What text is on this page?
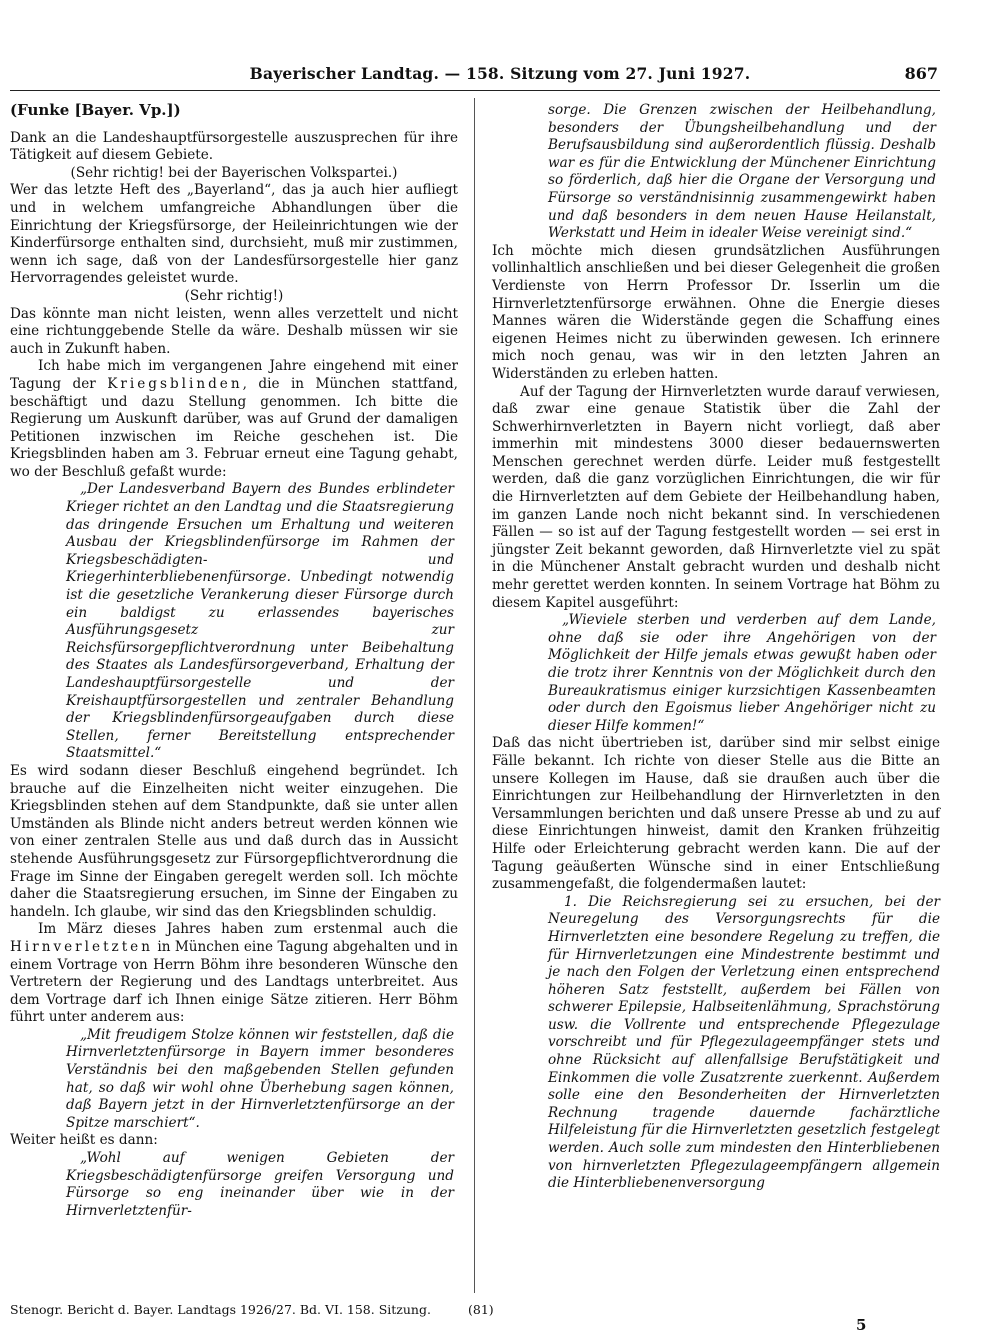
Bayerischer Landtag. — 158. Sitzung vom 27. Juni 1927.	867

(Funke [Bayer. Vp.])

Dank an die Landeshauptfürsorgestelle auszusprechen für ihre Tätigkeit auf diesem Gebiete.

(Sehr richtig! bei der Bayerischen Volkspartei.)

Wer das letzte Heft des „Bayerland“, das ja auch hier aufliegt und in welchem umfangreiche Abhandlungen über die Einrichtung der Kriegsfürsorge, der Heileinrichtungen wie der Kinderfürsorge enthalten sind, durchsieht, muß mir zustimmen, wenn ich sage, daß von der Landesfürsorgestelle hier ganz Hervorragendes geleistet wurde.

(Sehr richtig!)

Das könnte man nicht leisten, wenn alles verzettelt und nicht eine richtunggebende Stelle da wäre. Deshalb müssen wir sie auch in Zukunft haben.

Ich habe mich im vergangenen Jahre eingehend mit einer Tagung der Kriegsblinden, die in München stattfand, beschäftigt und dazu Stellung genommen. Ich bitte die Regierung um Auskunft darüber, was auf Grund der damaligen Petitionen inzwischen im Reiche geschehen ist. Die Kriegsblinden haben am 3. Februar erneut eine Tagung gehabt, wo der Beschluß gefaßt wurde:

„Der Landesverband Bayern des Bundes erblindeter Krieger richtet an den Landtag und die Staatsregierung das dringende Ersuchen um Erhaltung und weiteren Ausbau der Kriegsblindenfürsorge im Rahmen der Kriegsbeschädigten- und Kriegerhinterbliebenenfürsorge. Unbedingt notwendig ist die gesetzliche Verankerung dieser Fürsorge durch ein baldigst zu erlassendes bayerisches Ausführungsgesetz zur Reichsfürsorgepflichtverordnung unter Beibehaltung des Staates als Landesfürsorgeverband, Erhaltung der Landeshauptfürsorgestelle und der Kreishauptfürsorgestellen und zentraler Behandlung der Kriegsblindenfürsorgeaufgaben durch diese Stellen, ferner Bereitstellung entsprechender Staatsmittel.“

Es wird sodann dieser Beschluß eingehend begründet. Ich brauche auf die Einzelheiten nicht weiter einzugehen. Die Kriegsblinden stehen auf dem Standpunkte, daß sie unter allen Umständen als Blinde nicht anders betreut werden können wie von einer zentralen Stelle aus und daß durch das in Aussicht stehende Ausführungsgesetz zur Fürsorgepflichtverordnung die Frage im Sinne der Eingaben geregelt werden soll. Ich möchte daher die Staatsregierung ersuchen, im Sinne der Eingaben zu handeln. Ich glaube, wir sind das den Kriegsblinden schuldig.

Im März dieses Jahres haben zum erstenmal auch die Hirnverletzten in München eine Tagung abgehalten und in einem Vortrage von Herrn Böhm ihre besonderen Wünsche den Vertretern der Regierung und des Landtags unterbreitet. Aus dem Vortrage darf ich Ihnen einige Sätze zitieren. Herr Böhm führt unter anderem aus:

„Mit freudigem Stolze können wir feststellen, daß die Hirnverletztenfürsorge in Bayern immer besonderes Verständnis bei den maßgebenden Stellen gefunden hat, so daß wir wohl ohne Überhebung sagen können, daß Bayern jetzt in der Hirnverletztenfürsorge an der Spitze marschiert“.

Weiter heißt es dann:

„Wohl auf wenigen Gebieten der Kriegsbeschädigtenfürsorge greifen Versorgung und Fürsorge so eng ineinander über wie in der Hirnverletztenfür-

sorge. Die Grenzen zwischen der Heilbehandlung, besonders der Übungsheilbehandlung und der Berufsausbildung sind außerordentlich flüssig. Deshalb war es für die Entwicklung der Münchener Einrichtung so förderlich, daß hier die Organe der Versorgung und Fürsorge so verständnisinnig zusammengewirkt haben und daß besonders in dem neuen Hause Heilanstalt, Werkstatt und Heim in idealer Weise vereinigt sind.“

Ich möchte mich diesen grundsätzlichen Ausführungen vollinhaltlich anschließen und bei dieser Gelegenheit die großen Verdienste von Herrn Professor Dr. Isserlin um die Hirnverletztenfürsorge erwähnen. Ohne die Energie dieses Mannes wären die Widerstände gegen die Schaffung eines eigenen Heimes nicht zu überwinden gewesen. Ich erinnere mich noch genau, was wir in den letzten Jahren an Widerständen zu erleben hatten.

Auf der Tagung der Hirnverletzten wurde darauf verwiesen, daß zwar eine genaue Statistik über die Zahl der Schwerhirnverletzten in Bayern nicht vorliegt, daß aber immerhin mit mindestens 3000 dieser bedauernswerten Menschen gerechnet werden dürfe. Leider muß festgestellt werden, daß die ganz vorzüglichen Einrichtungen, die wir für die Hirnverletzten auf dem Gebiete der Heilbehandlung haben, im ganzen Lande noch nicht bekannt sind. In verschiedenen Fällen — so ist auf der Tagung festgestellt worden — sei erst in jüngster Zeit bekannt geworden, daß Hirnverletzte viel zu spät in die Münchener Anstalt gebracht wurden und deshalb nicht mehr gerettet werden konnten. In seinem Vortrage hat Böhm zu diesem Kapitel ausgeführt:

„Wieviele sterben und verderben auf dem Lande, ohne daß sie oder ihre Angehörigen von der Möglichkeit der Hilfe jemals etwas gewußt haben oder die trotz ihrer Kenntnis von der Möglichkeit durch den Bureaukratismus einiger kurzsichtigen Kassenbeamten oder durch den Egoismus lieber Angehöriger nicht zu dieser Hilfe kommen!“

Daß das nicht übertrieben ist, darüber sind mir selbst einige Fälle bekannt. Ich richte von dieser Stelle aus die Bitte an unsere Kollegen im Hause, daß sie draußen auch über die Einrichtungen zur Heilbehandlung der Hirnverletzten in den Versammlungen berichten und daß unsere Presse ab und zu auf diese Einrichtungen hinweist, damit den Kranken frühzeitig Hilfe oder Erleichterung gebracht werden kann. Die auf der Tagung geäußerten Wünsche sind in einer Entschließung zusammengefaßt, die folgendermaßen lautet:

1. Die Reichsregierung sei zu ersuchen, bei der Neuregelung des Versorgungsrechts für die Hirnverletzten eine besondere Regelung zu treffen, die für Hirnverletzungen eine Mindestrente bestimmt und je nach den Folgen der Verletzung einen entsprechend höheren Satz feststellt, außerdem bei Fällen von schwerer Epilepsie, Halbseitenlähmung, Sprachstörung usw. die Vollrente und entsprechende Pflegezulage vorschreibt und für Pflegezulageempfänger stets und ohne Rücksicht auf allenfallsige Berufstätigkeit und Einkommen die volle Zusatzrente zuerkennt. Außerdem solle eine den Besonderheiten der Hirnverletzten Rechnung tragende dauernde fachärztliche Hilfeleistung für die Hirnverletzten gesetzlich festgelegt werden. Auch solle zum mindesten den Hinterbliebenen von hirnverletzten Pflegezulageempfängern allgemein die Hinterbliebenenversorgung

Stenogr. Bericht d. Bayer. Landtags 1926/27. Bd. VI. 158. Sitzung.	(81)
5
